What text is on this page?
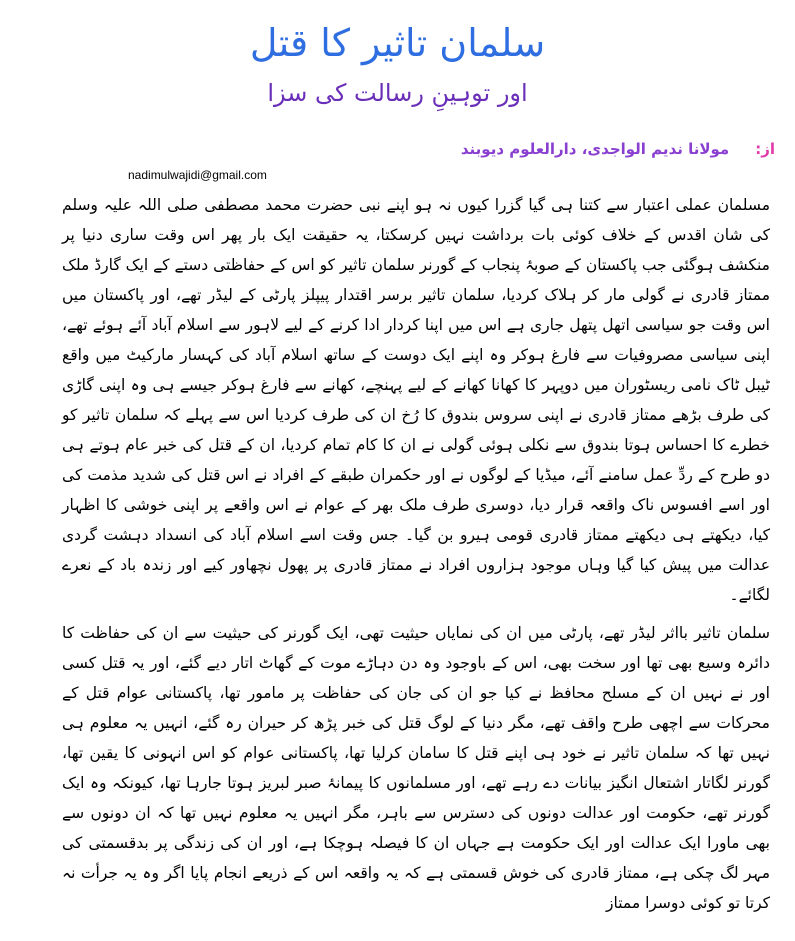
سلمان تاثیر کا قتل
اور توہینِ رسالت کی سزا
از:
مولانا ندیم الواجدی، دارالعلوم دیوبند
nadimulwajidi@gmail.com

مسلمان عملی اعتبار سے کتنا ہی گیا گزرا کیوں نہ ہو اپنے نبی حضرت محمد مصطفی صلی اللہ علیہ وسلم کی شان اقدس کے خلاف کوئی بات برداشت نہیں کرسکتا، یہ حقیقت ایک بار پھر اس وقت ساری دنیا پر منکشف ہوگئی جب پاکستان کے صوبۂ پنجاب کے گورنر سلمان تاثیر کو اس کے حفاظتی دستے کے ایک گارڈ ملک ممتاز قادری نے گولی مار کر ہلاک کردیا، سلمان تاثیر برسر اقتدار پیپلز پارٹی کے لیڈر تھے، اور پاکستان میں اس وقت جو سیاسی اتھل پتھل جاری ہے اس میں اپنا کردار ادا کرنے کے لیے لاہور سے اسلام آباد آئے ہوئے تھے، اپنی سیاسی مصروفیات سے فارغ ہوکر وہ اپنے ایک دوست کے ساتھ اسلام آباد کی کہسار مارکیٹ میں واقع ٹیبل ٹاک نامی ریسٹوران میں دوپہر کا کھانا کھانے کے لیے پہنچے، کھانے سے فارغ ہوکر جیسے ہی وہ اپنی گاڑی کی طرف بڑھے ممتاز قادری نے اپنی سروس بندوق کا رُخ ان کی طرف کردیا اس سے پہلے کہ سلمان تاثیر کو خطرے کا احساس ہوتا بندوق سے نکلی ہوئی گولی نے ان کا کام تمام کردیا، ان کے قتل کی خبر عام ہوتے ہی دو طرح کے ردِّ عمل سامنے آئے، میڈیا کے لوگوں نے اور حکمران طبقے کے افراد نے اس قتل کی شدید مذمت کی اور اسے افسوس ناک واقعہ قرار دیا، دوسری طرف ملک بھر کے عوام نے اس واقعے پر اپنی خوشی کا اظہار کیا، دیکھتے ہی دیکھتے ممتاز قادری قومی ہیرو بن گیا۔ جس وقت اسے اسلام آباد کی انسداد دہشت گردی عدالت میں پیش کیا گیا وہاں موجود ہزاروں افراد نے ممتاز قادری پر پھول نچھاور کیے اور زندہ باد کے نعرے لگائے۔

سلمان تاثیر بااثر لیڈر تھے، پارٹی میں ان کی نمایاں حیثیت تھی، ایک گورنر کی حیثیت سے ان کی حفاظت کا دائرہ وسیع بھی تھا اور سخت بھی، اس کے باوجود وہ دن دہاڑے موت کے گھاٹ اتار دیے گئے، اور یہ قتل کسی اور نے نہیں ان کے مسلح محافظ نے کیا جو ان کی جان کی حفاظت پر مامور تھا، پاکستانی عوام قتل کے محرکات سے اچھی طرح واقف تھے، مگر دنیا کے لوگ قتل کی خبر پڑھ کر حیران رہ گئے، انہیں یہ معلوم ہی نہیں تھا کہ سلمان تاثیر نے خود ہی اپنے قتل کا سامان کرلیا تھا، پاکستانی عوام کو اس انہونی کا یقین تھا، گورنر لگاتار اشتعال انگیز بیانات دے رہے تھے، اور مسلمانوں کا پیمانۂ صبر لبریز ہوتا جارہا تھا، کیونکہ وہ ایک گورنر تھے، حکومت اور عدالت دونوں کی دسترس سے باہر، مگر انہیں یہ معلوم نہیں تھا کہ ان دونوں سے بھی ماورا ایک عدالت اور ایک حکومت ہے جہاں ان کا فیصلہ ہوچکا ہے، اور ان کی زندگی پر بدقسمتی کی مہر لگ چکی ہے، ممتاز قادری کی خوش قسمتی ہے کہ یہ واقعہ اس کے ذریعے انجام پایا اگر وہ یہ جرأت نہ کرتا تو کوئی دوسرا ممتاز
